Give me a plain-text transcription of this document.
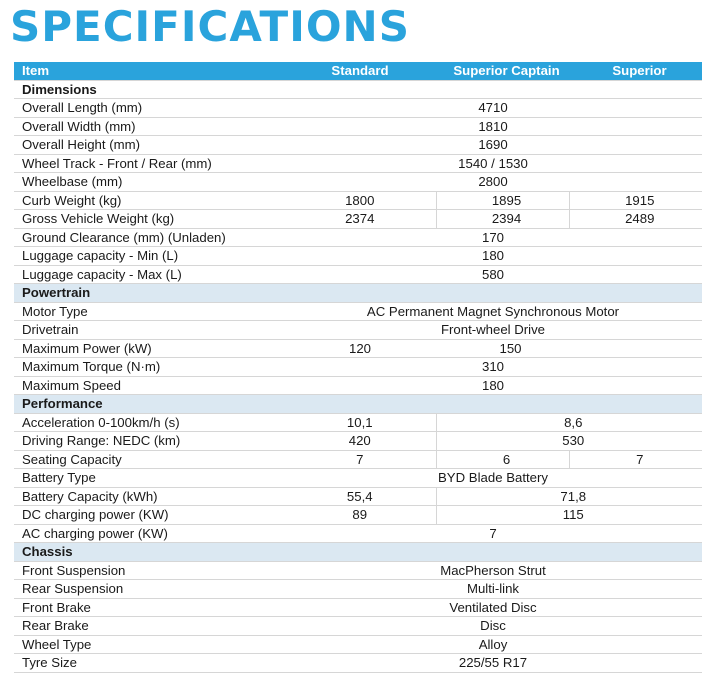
SPECIFICATIONS
Item	Standard	Superior Captain	Superior
Dimensions			
Overall Length (mm)	4710		
Overall Width (mm)	1810		
Overall Height (mm)	1690		
Wheel Track - Front / Rear (mm)	1540 / 1530		
Wheelbase (mm)	2800		
Curb Weight (kg)	1800	1895	1915
Gross Vehicle Weight (kg)	2374	2394	2489
Ground Clearance (mm) (Unladen)	170		
Luggage capacity - Min (L)	180		
Luggage capacity - Max (L)	580		
Powertrain			
Motor Type	AC Permanent Magnet Synchronous Motor		
Drivetrain	Front-wheel Drive		
Maximum Power (kW)	120	150	
Maximum Torque (N·m)	310		
Maximum Speed	180		
Performance			
Acceleration 0-100km/h (s)	10,1	8,6	
Driving Range: NEDC (km)	420	530	
Seating Capacity	7	6	7
Battery Type	BYD Blade Battery		
Battery Capacity (kWh)	55,4	71,8	
DC charging power (KW)	89	115	
AC charging power (KW)	7		
Chassis			
Front Suspension	MacPherson Strut		
Rear Suspension	Multi-link		
Front Brake	Ventilated Disc		
Rear Brake	Disc		
Wheel Type	Alloy		
Tyre Size	225/55 R17		
